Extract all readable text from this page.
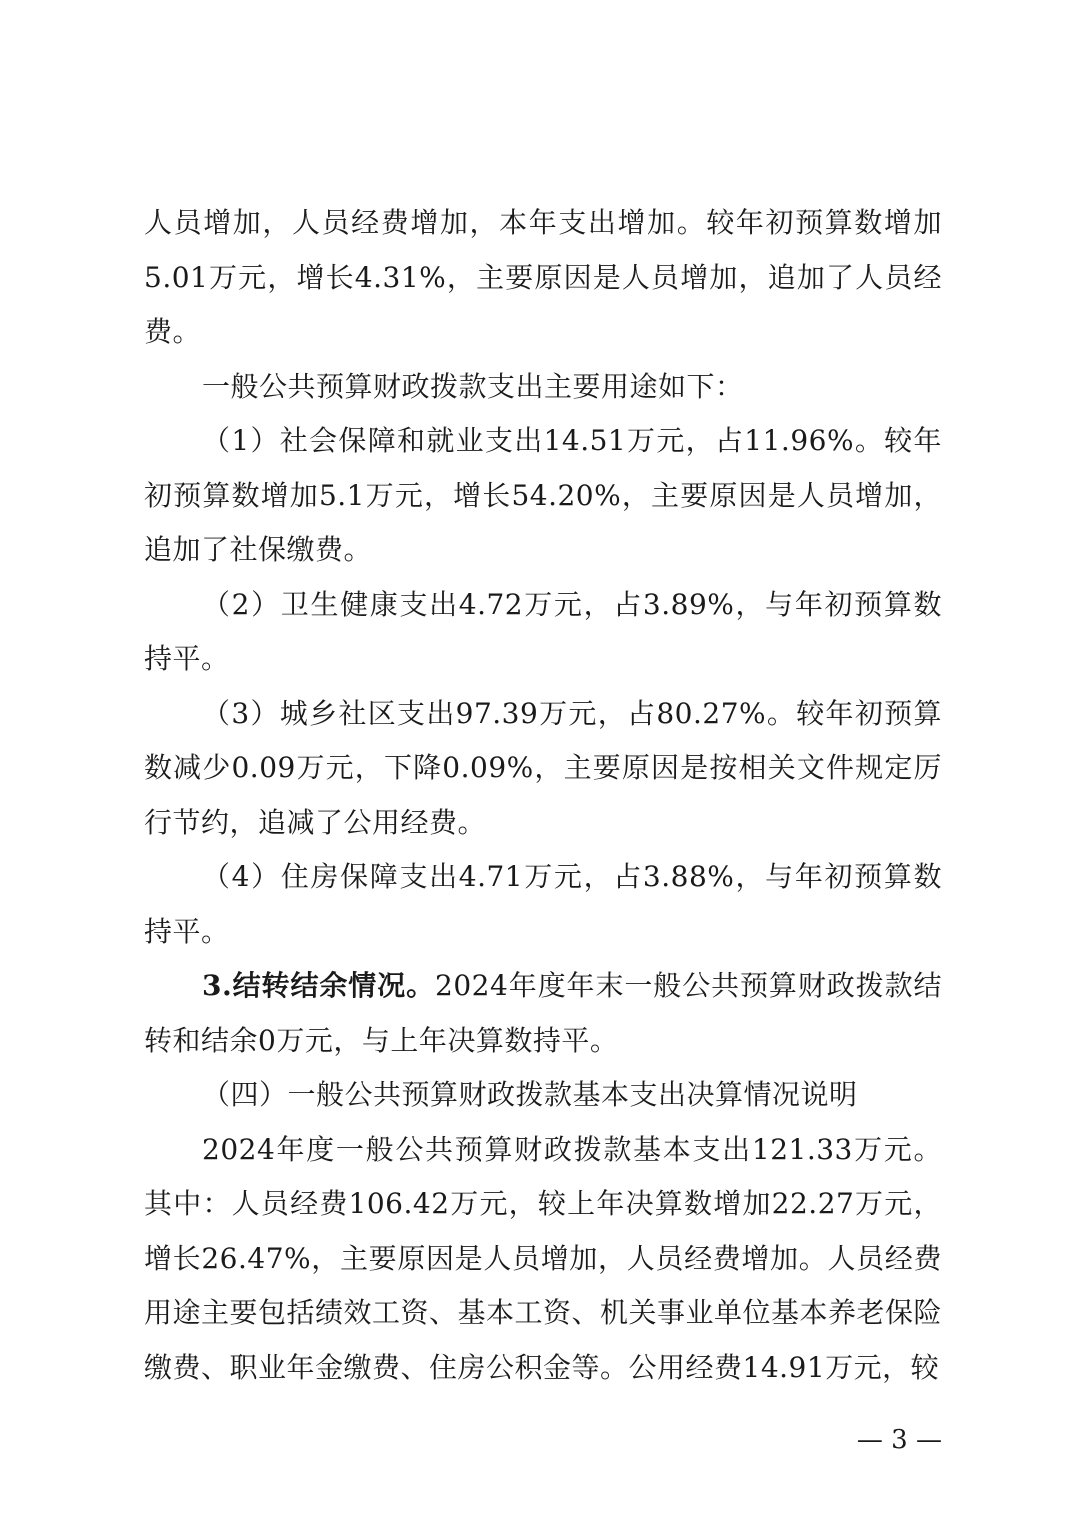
人员增加，人员经费增加，本年支出增加。较年初预算数增加5.01万元，增长4.31%，主要原因是人员增加，追加了人员经费。

一般公共预算财政拨款支出主要用途如下：

（1）社会保障和就业支出14.51万元，占11.96%。较年初预算数增加5.1万元，增长54.20%，主要原因是人员增加，追加了社保缴费。

（2）卫生健康支出4.72万元，占3.89%，与年初预算数持平。

（3）城乡社区支出97.39万元，占80.27%。较年初预算数减少0.09万元，下降0.09%，主要原因是按相关文件规定厉行节约，追减了公用经费。

（4）住房保障支出4.71万元，占3.88%，与年初预算数持平。

3.结转结余情况。2024年度年末一般公共预算财政拨款结转和结余0万元，与上年决算数持平。

（四）一般公共预算财政拨款基本支出决算情况说明

2024年度一般公共预算财政拨款基本支出121.33万元。其中：人员经费106.42万元，较上年决算数增加22.27万元，增长26.47%，主要原因是人员增加，人员经费增加。人员经费用途主要包括绩效工资、基本工资、机关事业单位基本养老保险缴费、职业年金缴费、住房公积金等。公用经费14.91万元，较

— 3 —
